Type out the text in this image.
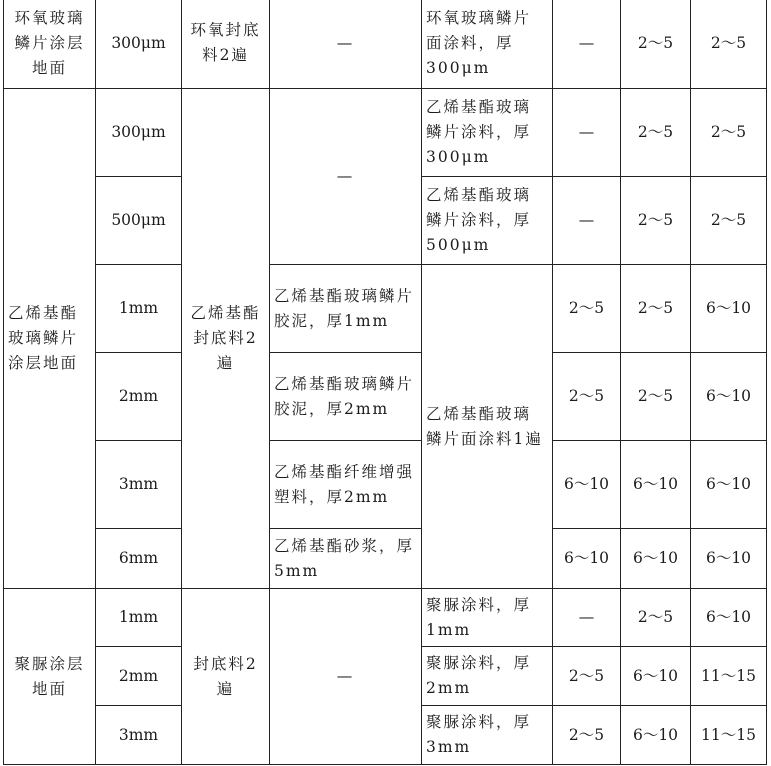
环氧玻璃鳞片涂层地面	300μm	环氧封底料2遍	—	环氧玻璃鳞片面涂料，厚300μm	—	2～5	2～5
乙烯基酯玻璃鳞片涂层地面	300μm	乙烯基酯封底料2遍	—	乙烯基酯玻璃鳞片涂料，厚300μm	—	2～5	2～5
	500μm			乙烯基酯玻璃鳞片涂料，厚500μm	—	2～5	2～5
	1mm		乙烯基酯玻璃鳞片胶泥，厚1mm	乙烯基酯玻璃鳞片面涂料1遍	2～5	2～5	6～10
	2mm		乙烯基酯玻璃鳞片胶泥，厚2mm		2～5	2～5	6～10
	3mm		乙烯基酯纤维增强塑料，厚2mm		6～10	6～10	6～10
	6mm		乙烯基酯砂浆，厚5mm		6～10	6～10	6～10
聚脲涂层地面	1mm	封底料2遍	—	聚脲涂料，厚1mm	—	2～5	6～10
	2mm			聚脲涂料，厚2mm	2～5	6～10	11～15
	3mm			聚脲涂料，厚3mm	2～5	6～10	11～15
